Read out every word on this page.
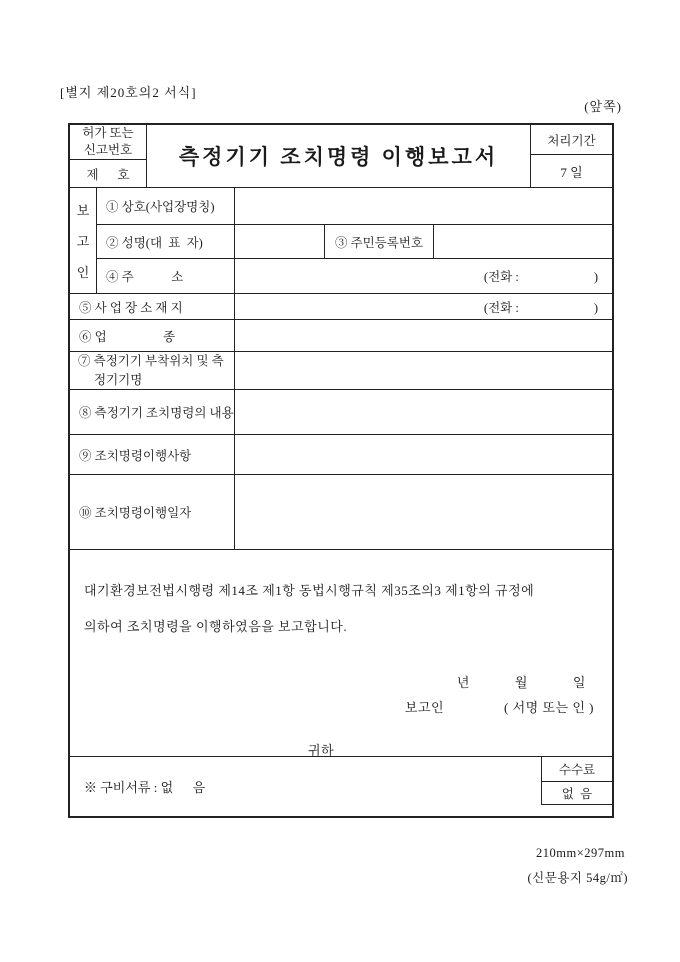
[별지 제20호의2 서식]
(앞쪽)
허가 또는
신고번호
제      호
측정기기 조치명령 이행보고서
처리기간
7 일
보
고
인
① 상호(사업장명칭)
② 성명(대  표  자)	③ 주민등록번호
④ 주            소	(전화 :                        )
⑤ 사 업 장 소 재 지	(전화 :                        )
⑥ 업                  종
⑦ 측정기기 부착위치 및 측정기기명
⑧ 측정기기 조치명령의 내용
⑨ 조치명령이행사항
⑩ 조치명령이행일자
대기환경보전법시행령 제14조 제1항 동법시행규칙 제35조의3 제1항의 규정에
의하여 조치명령을 이행하였음을 보고합니다.
년            월            일
보고인                ( 서명 또는 인 )
귀하
※ 구비서류 : 없      음
수수료
없  음
210mm×297mm
(신문용지 54g/㎡)
